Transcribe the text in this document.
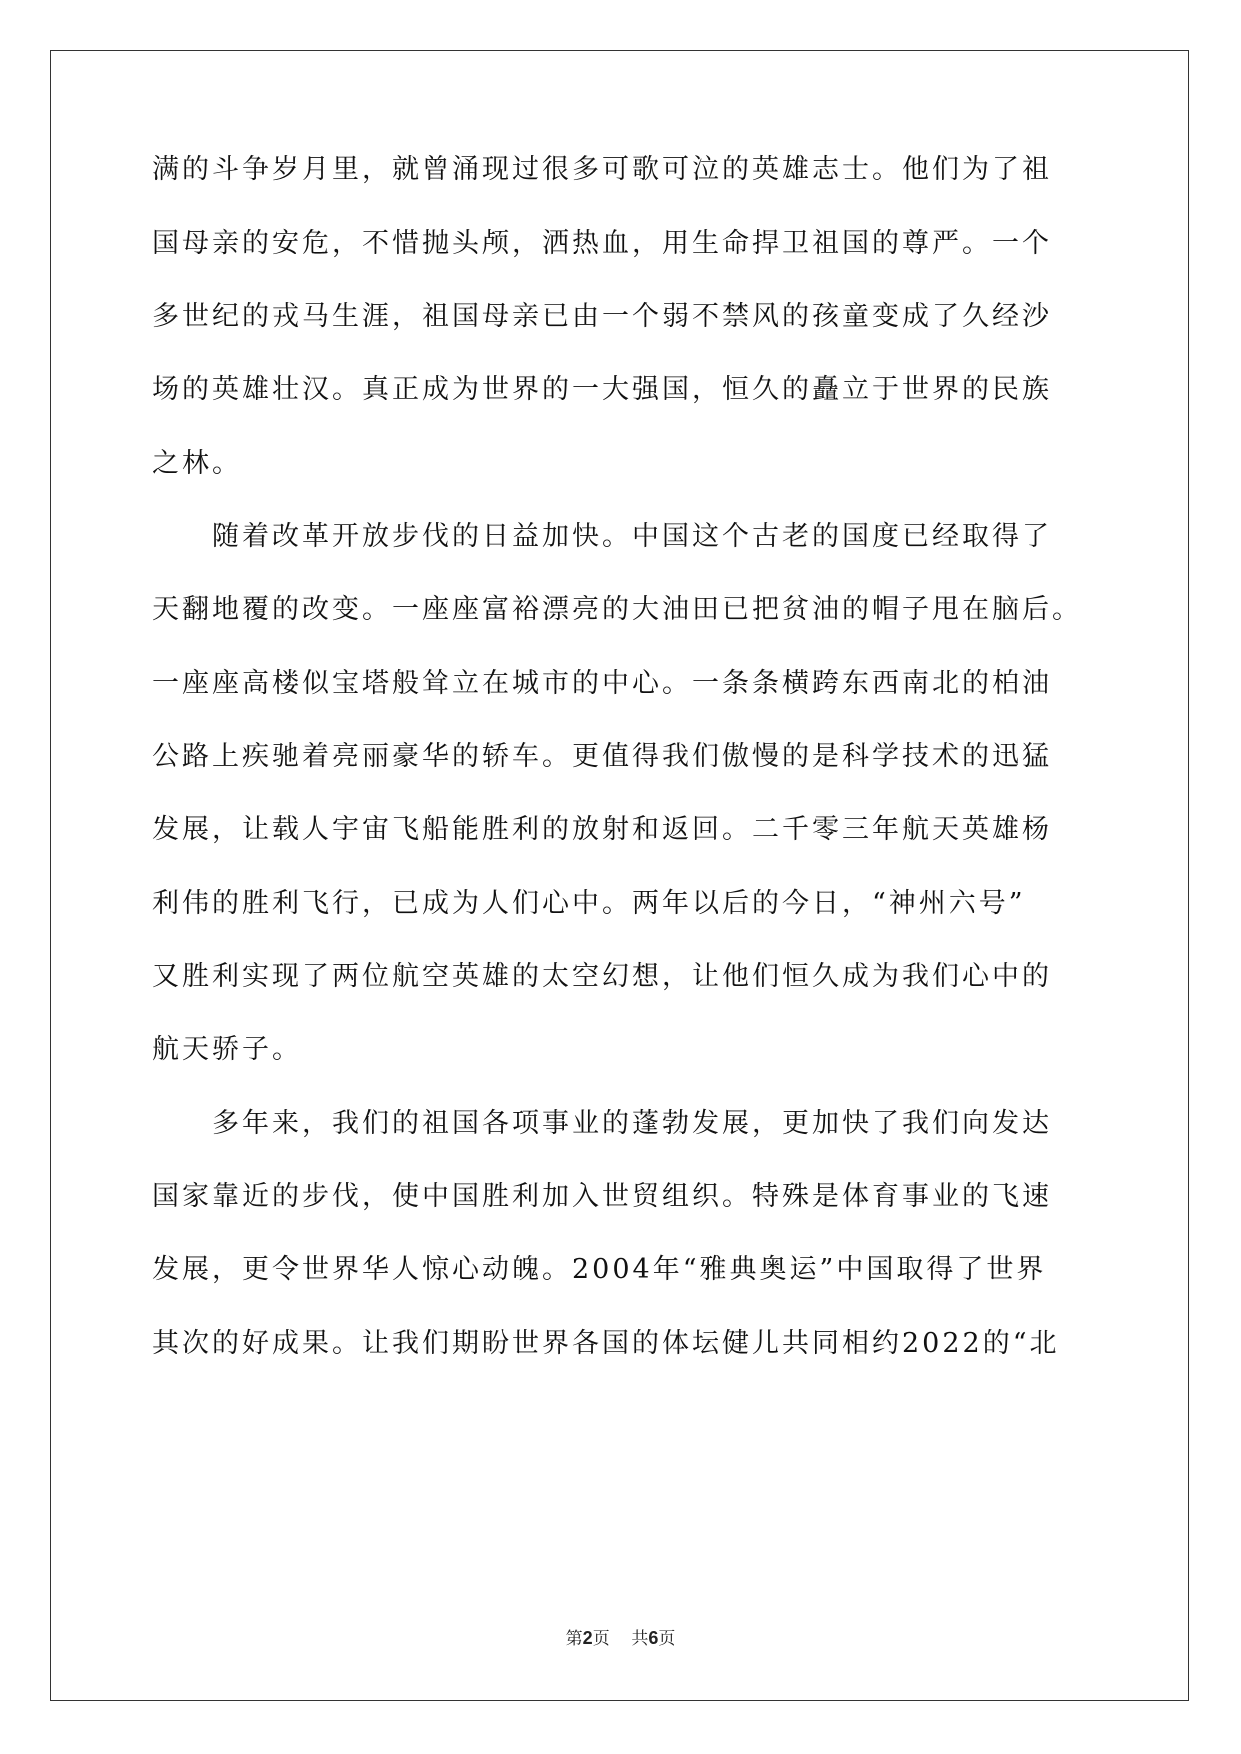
满的斗争岁月里，就曾涌现过很多可歌可泣的英雄志士。他们为了祖
国母亲的安危，不惜抛头颅，洒热血，用生命捍卫祖国的尊严。一个
多世纪的戎马生涯，祖国母亲已由一个弱不禁风的孩童变成了久经沙
场的英雄壮汉。真正成为世界的一大强国，恒久的矗立于世界的民族
之林。
随着改革开放步伐的日益加快。中国这个古老的国度已经取得了
天翻地覆的改变。一座座富裕漂亮的大油田已把贫油的帽子甩在脑后。
一座座高楼似宝塔般耸立在城市的中心。一条条横跨东西南北的柏油
公路上疾驰着亮丽豪华的轿车。更值得我们傲慢的是科学技术的迅猛
发展，让载人宇宙飞船能胜利的放射和返回。二千零三年航天英雄杨
利伟的胜利飞行，已成为人们心中。两年以后的今日，“神州六号”
又胜利实现了两位航空英雄的太空幻想，让他们恒久成为我们心中的
航天骄子。
多年来，我们的祖国各项事业的蓬勃发展，更加快了我们向发达
国家靠近的步伐，使中国胜利加入世贸组织。特殊是体育事业的飞速
发展，更令世界华人惊心动魄。2004年“雅典奥运”中国取得了世界
其次的好成果。让我们期盼世界各国的体坛健儿共同相约2022的“北
第2页 共6页
